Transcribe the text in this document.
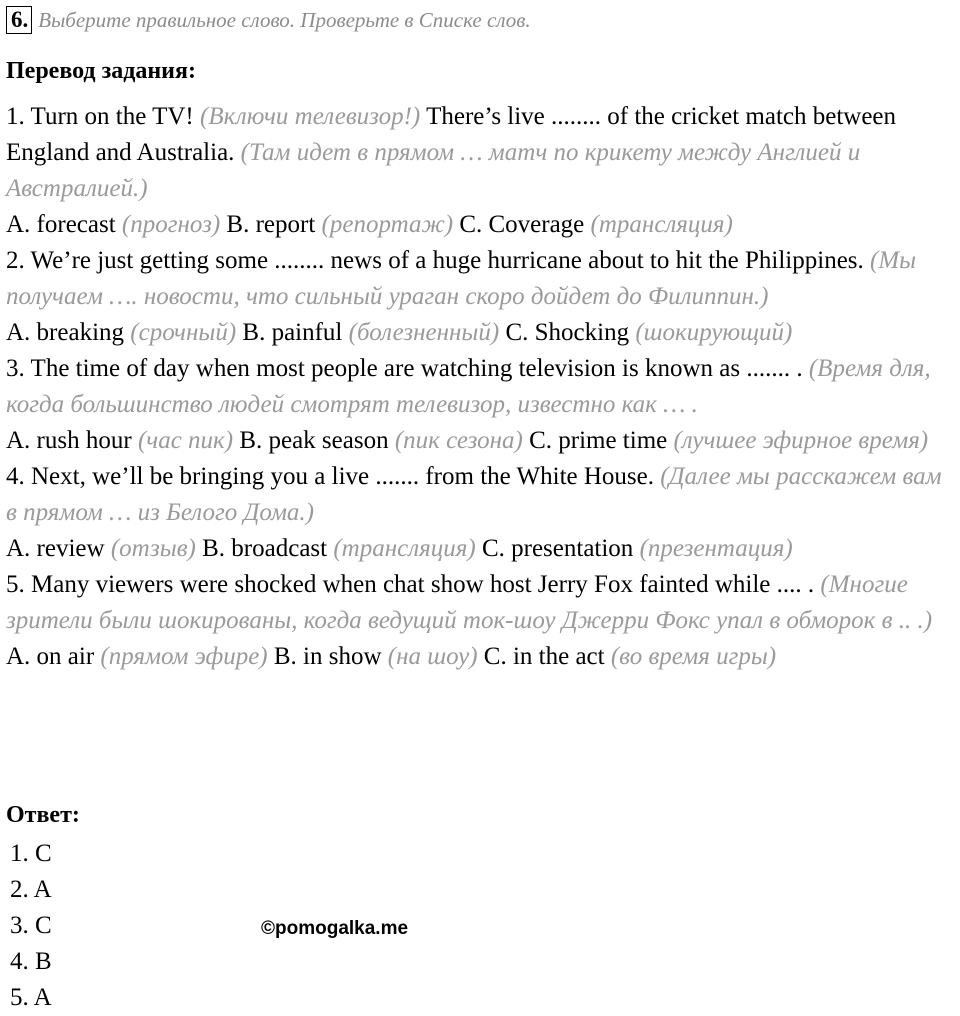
6. Выберите правильное слово. Проверьте в Списке слов.
Перевод задания:

1. Turn on the TV! (Включи телевизор!) There’s live ........ of the cricket match between England and Australia. (Там идет в прямом … матч по крикету между Англией и Австралией.)

A. forecast (прогноз) B. report (репортаж) C. Coverage (трансляция)

2. We’re just getting some ........ news of a huge hurricane about to hit the Philippines. (Мы получаем …. новости, что сильный ураган скоро дойдет до Филиппин.)

A. breaking (срочный) B. painful (болезненный) C. Shocking (шокирующий)

3. The time of day when most people are watching television is known as ....... . (Время для, когда большинство людей смотрят телевизор, известно как … .

A. rush hour (час пик) B. peak season (пик сезона) C. prime time (лучшее эфирное время)

4. Next, we’ll be bringing you a live ....... from the White House. (Далее мы расскажем вам в прямом … из Белого Дома.)

A. review (отзыв) B. broadcast (трансляция) C. presentation (презентация)

5. Many viewers were shocked when chat show host Jerry Fox fainted while .... . (Многие зрители были шокированы, когда ведущий ток-шоу Джерри Фокс упал в обморок в .. .)

A. on air (прямом эфире) B. in show (на шоу) C. in the act (во время игры)

Ответ:
1. C
2. A
3. C
4. B
5. A
©pomogalka.me
